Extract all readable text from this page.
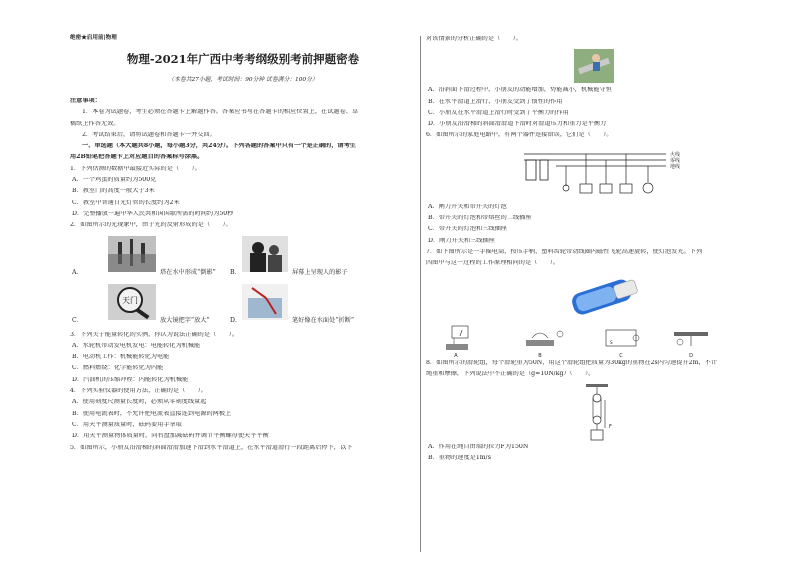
绝密★启用前|物理
物理-2021年广西中考考纲级别考前押题密卷
（本卷共27小题，考试时间：90分钟 试卷满分：100分）
注意事项：
1．本卷为试题卷，考生必须在答题卡上解题作答。答案应书写在答题卡的相应位置上，在试题卷、草
稿纸上作答无效。
2．考试结束后，请将试题卷和答题卡一并交回。
一、单选题（本大题共8小题，每小题3分，共24分）。下列各题的答案中只有一个是正确的，请考生
用2B铅笔把答题卡上对应题目的答案标号涂黑。
1．下列估测的数据中最接近实际的是（　　）。
A．一个鸡蛋的质量约为500克
B．教室门的高度一般大于3米
C．教室中普通日光灯管的长度约为2米
D．完整播放一遍中华人民共和国国歌所需的时间约为50秒
2．如图所示的光现象中，由于光的反射形成的是（　　）。
A．	塔在水中形成“倒影” B．	屏幕上呈现人的影子
C．
天门
放大镜把字“放大”	D．	笔好像在水面处“折断”
3．下列关于能量转化的实例，你认为说法正确的是（　　）。
A．水轮机带动发电机发电：电能转化为机械能
B．电动机工作：机械能转化为电能
C．燃料燃烧：化学能转化为内能
D．汽油机的压缩冲程：内能转化为机械能
4．下列实验仪器的使用方法，正确的是（　　）。
A．使用刻度尺测量长度时，必须从零刻度线量起
B．使用电流表时，不允许把电流表直接连到电源的两极上
C．用天平测量质量时，砝码要用手拿取
D．用天平测量物体质量时，向右盘加减砝码并调节平衡螺母使天平平衡
5．如图所示，小朋友沿滑梯的斜面滑滑加速下滑到水平滑道上，在水平滑道滑行一段距离后停下，以下
对该情景的分析正确的是（　　）。
A．沿斜面下滑过程中，小朋友的动能增加，势能减小，机械能守恒
B．在水平滑道上滑行，小朋友受到了惯性的作用
C．小朋友在水平滑道上滑行时受到了平衡力的作用
D．小朋友沿滑梯的斜面滑滑道下滑时对滑道压力和重力是平衡力
6．如图所示的家庭电路中，有两个器件连接错误，它们是（　　）。
火线
零线
地线
A．闸刀开关和带开关的灯泡
B．带开关的灯泡和带熔丝的二线插座
C．带开关的灯泡和三线插座
D．闸刀开关和三线插座
7．如下图所示是一手摇电筒，按压手柄，塑料齿轮带动线圈内磁性飞轮高速旋转，使灯泡发光。下列
四图中与这一过程的工作原理相同的是（　　）。
A	B
S
C	D
8．如图所示的滑轮组，每个滑轮重为50N，用这个滑轮组把质量为30kg的重物在2s内匀速提升2m，不计
绳重和摩擦，下列说法中不正确的是（g=10N/kg）（　　）。
F
A．作用在绳自由端的拉力F为150N
B．重物的速度是1m/s
